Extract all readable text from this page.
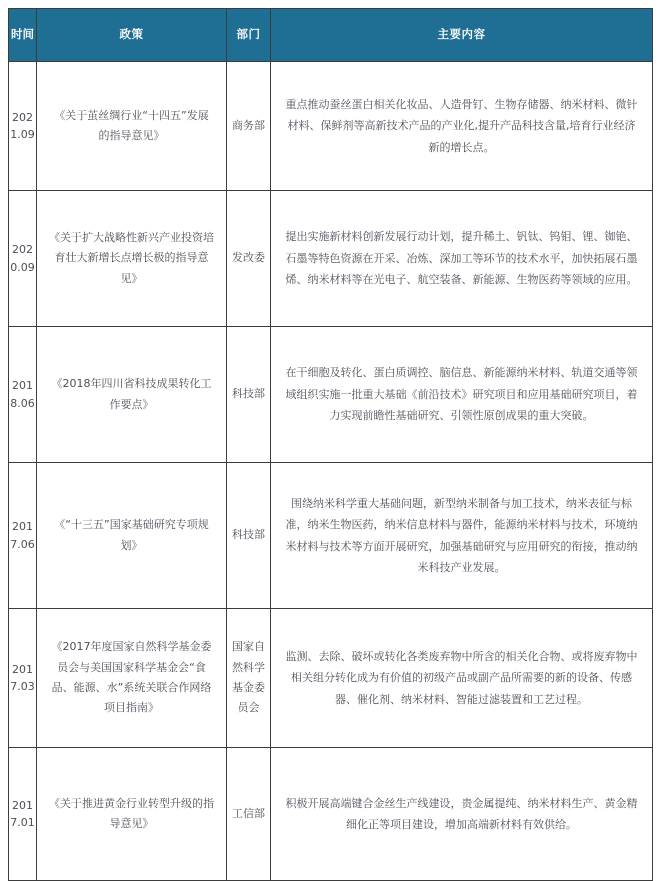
时间	政策	部门	主要内容
2021.09	《关于茧丝绸行业“十四五”发展的指导意见》	商务部	重点推动蚕丝蛋白相关化妆品、人造骨钉、生物存储器、纳米材料、微针材料、保鲜剂等高新技术产品的产业化,提升产品科技含量,培育行业经济新的增长点。
2020.09	《关于扩大战略性新兴产业投资培育壮大新增长点增长极的指导意见》	发改委	提出实施新材料创新发展行动计划，提升稀土、钒钛、钨钼、锂、铷铯、石墨等特色资源在开采、冶炼、深加工等环节的技术水平，加快拓展石墨烯、纳米材料等在光电子、航空装备、新能源、生物医药等领域的应用。
2018.06	《2018年四川省科技成果转化工作要点》	科技部	在干细胞及转化、蛋白质调控、脑信息、新能源纳米材料、轨道交通等领域组织实施一批重大基础《前沿技术》研究项目和应用基础研究项目，着力实现前瞻性基础研究、引领性原创成果的重大突破。
2017.06	《“十三五”国家基础研究专项规划》	科技部	围绕纳米科学重大基础问题，新型纳米制备与加工技术，纳米表征与标准，纳米生物医药，纳米信息材料与器件，能源纳米材料与技术，环境纳米材料与技术等方面开展研究，加强基础研究与应用研究的衔接，推动纳米科技产业发展。
2017.03	《2017年度国家自然科学基金委员会与美国国家科学基金会“食品、能源、水”系统关联合作网络项目指南》	国家自然科学基金委员会	监测、去除、破坏或转化各类废弃物中所含的相关化合物、或将废弃物中相关组分转化成为有价值的初级产品或副产品所需要的新的设备、传感器、催化剂、纳米材料、智能过滤装置和工艺过程。
2017.01	《关于推进黄金行业转型升级的指导意见》	工信部	积极开展高端键合金丝生产线建设，贵金属提纯、纳米材料生产、黄金精细化正等项目建设，增加高端新材料有效供给。
